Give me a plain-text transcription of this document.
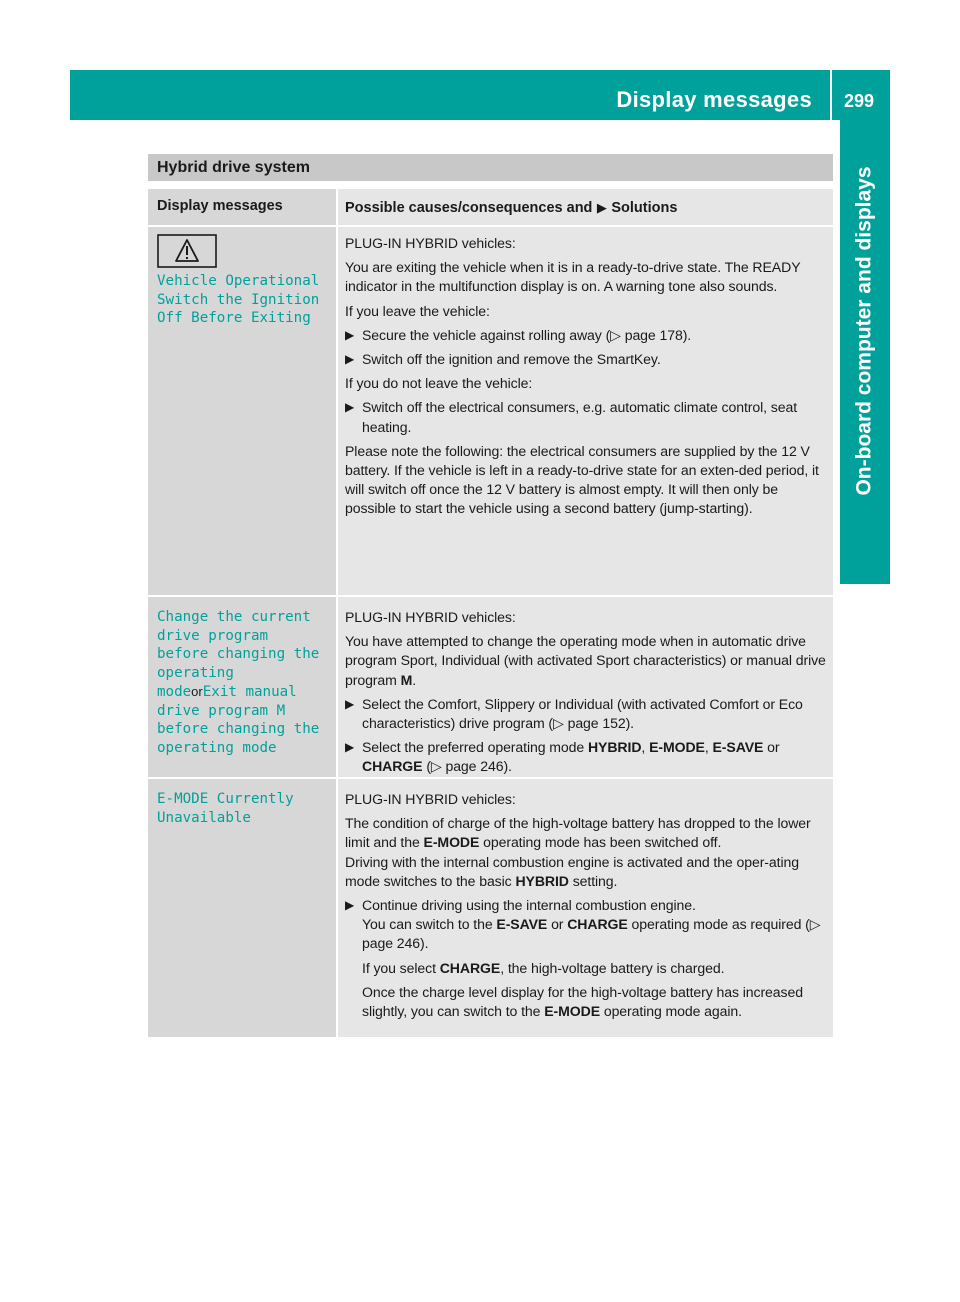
Display messages	299
On-board computer and displays
Hybrid drive system
Display messages	Possible causes/consequences and ▶ Solutions
Vehicle Operational
Switch the Ignition
Off Before Exiting

PLUG-IN HYBRID vehicles:

You are exiting the vehicle when it is in a ready-to-drive state. The READY indicator in the multifunction display is on. A warning tone also sounds.

If you leave the vehicle:

▶ Secure the vehicle against rolling away (▷ page 178).
▶ Switch off the ignition and remove the SmartKey.

If you do not leave the vehicle:

▶ Switch off the electrical consumers, e.g. automatic climate control, seat heating.

Please note the following: the electrical consumers are supplied by the 12 V battery. If the vehicle is left in a ready-to-drive state for an exten-ded period, it will switch off once the 12 V battery is almost empty. It will then only be possible to start the vehicle using a second battery (jump-starting).

Change the current
drive program
before changing the
operating
modeorExit manual
drive program M
before changing the
operating mode

PLUG-IN HYBRID vehicles:

You have attempted to change the operating mode when in automatic drive program Sport, Individual (with activated Sport characteristics) or manual drive program M.

▶ Select the Comfort, Slippery or Individual (with activated Comfort or Eco characteristics) drive program (▷ page 152).
▶ Select the preferred operating mode HYBRID, E-MODE, E-SAVE or CHARGE (▷ page 246).
E-MODE Currently
Unavailable

PLUG-IN HYBRID vehicles:

The condition of charge of the high-voltage battery has dropped to the lower limit and the E-MODE operating mode has been switched off.

Driving with the internal combustion engine is activated and the oper-ating mode switches to the basic HYBRID setting.

▶ Continue driving using the internal combustion engine.
You can switch to the E-SAVE or CHARGE operating mode as required (▷ page 246).
If you select CHARGE, the high-voltage battery is charged.
Once the charge level display for the high-voltage battery has increased slightly, you can switch to the E-MODE operating mode again.
